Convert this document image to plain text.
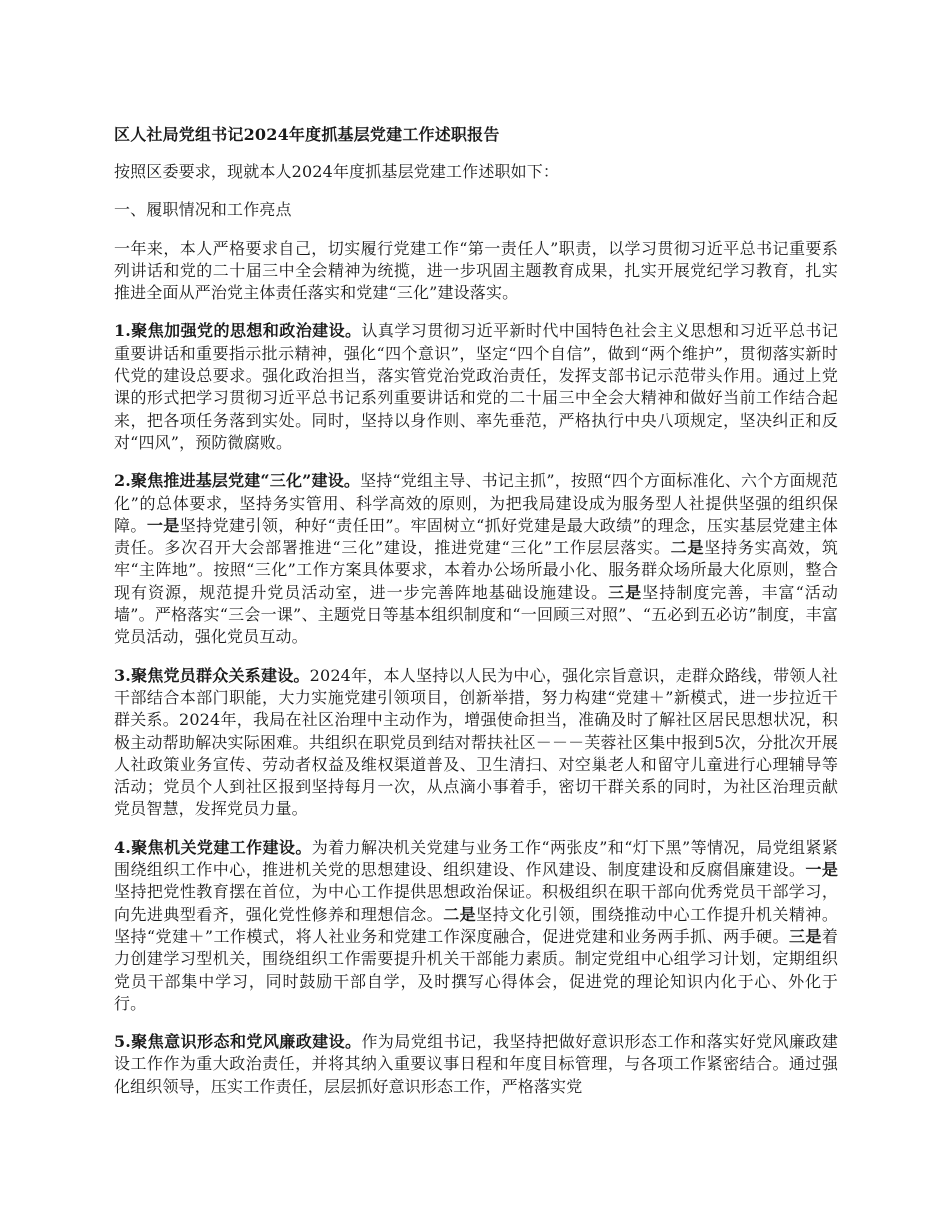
区人社局党组书记2024年度抓基层党建工作述职报告
按照区委要求，现就本人2024年度抓基层党建工作述职如下：
一、履职情况和工作亮点
一年来，本人严格要求自己，切实履行党建工作“第一责任人”职责，以学习贯彻习近平总书记重要系列讲话和党的二十届三中全会精神为统揽，进一步巩固主题教育成果，扎实开展党纪学习教育，扎实推进全面从严治党主体责任落实和党建“三化”建设落实。
1.聚焦加强党的思想和政治建设。认真学习贯彻习近平新时代中国特色社会主义思想和习近平总书记重要讲话和重要指示批示精神，强化“四个意识”，坚定“四个自信”，做到“两个维护”，贯彻落实新时代党的建设总要求。强化政治担当，落实管党治党政治责任，发挥支部书记示范带头作用。通过上党课的形式把学习贯彻习近平总书记系列重要讲话和党的二十届三中全会大精神和做好当前工作结合起来，把各项任务落到实处。同时，坚持以身作则、率先垂范，严格执行中央八项规定，坚决纠正和反对“四风”，预防微腐败。
2.聚焦推进基层党建“三化”建设。坚持“党组主导、书记主抓”，按照“四个方面标准化、六个方面规范化”的总体要求，坚持务实管用、科学高效的原则，为把我局建设成为服务型人社提供坚强的组织保障。一是坚持党建引领，种好“责任田”。牢固树立“抓好党建是最大政绩”的理念，压实基层党建主体责任。多次召开大会部署推进“三化”建设，推进党建“三化”工作层层落实。二是坚持务实高效，筑牢“主阵地”。按照“三化”工作方案具体要求，本着办公场所最小化、服务群众场所最大化原则，整合现有资源，规范提升党员活动室，进一步完善阵地基础设施建设。三是坚持制度完善，丰富“活动墙”。严格落实“三会一课”、主题党日等基本组织制度和“一回顾三对照”、“五必到五必访”制度，丰富党员活动，强化党员互动。
3.聚焦党员群众关系建设。2024年，本人坚持以人民为中心，强化宗旨意识，走群众路线，带领人社干部结合本部门职能，大力实施党建引领项目，创新举措，努力构建“党建＋”新模式，进一步拉近干群关系。2024年，我局在社区治理中主动作为，增强使命担当，准确及时了解社区居民思想状况，积极主动帮助解决实际困难。共组织在职党员到结对帮扶社区－－－芙蓉社区集中报到5次，分批次开展人社政策业务宣传、劳动者权益及维权渠道普及、卫生清扫、对空巢老人和留守儿童进行心理辅导等活动；党员个人到社区报到坚持每月一次，从点滴小事着手，密切干群关系的同时，为社区治理贡献党员智慧，发挥党员力量。
4.聚焦机关党建工作建设。为着力解决机关党建与业务工作“两张皮”和“灯下黑”等情况，局党组紧紧围绕组织工作中心，推进机关党的思想建设、组织建设、作风建设、制度建设和反腐倡廉建设。一是坚持把党性教育摆在首位，为中心工作提供思想政治保证。积极组织在职干部向优秀党员干部学习，向先进典型看齐，强化党性修养和理想信念。二是坚持文化引领，围绕推动中心工作提升机关精神。坚持“党建＋”工作模式，将人社业务和党建工作深度融合，促进党建和业务两手抓、两手硬。三是着力创建学习型机关，围绕组织工作需要提升机关干部能力素质。制定党组中心组学习计划，定期组织党员干部集中学习，同时鼓励干部自学，及时撰写心得体会，促进党的理论知识内化于心、外化于行。
5.聚焦意识形态和党风廉政建设。作为局党组书记，我坚持把做好意识形态工作和落实好党风廉政建设工作作为重大政治责任，并将其纳入重要议事日程和年度目标管理，与各项工作紧密结合。通过强化组织领导，压实工作责任，层层抓好意识形态工作，严格落实党
